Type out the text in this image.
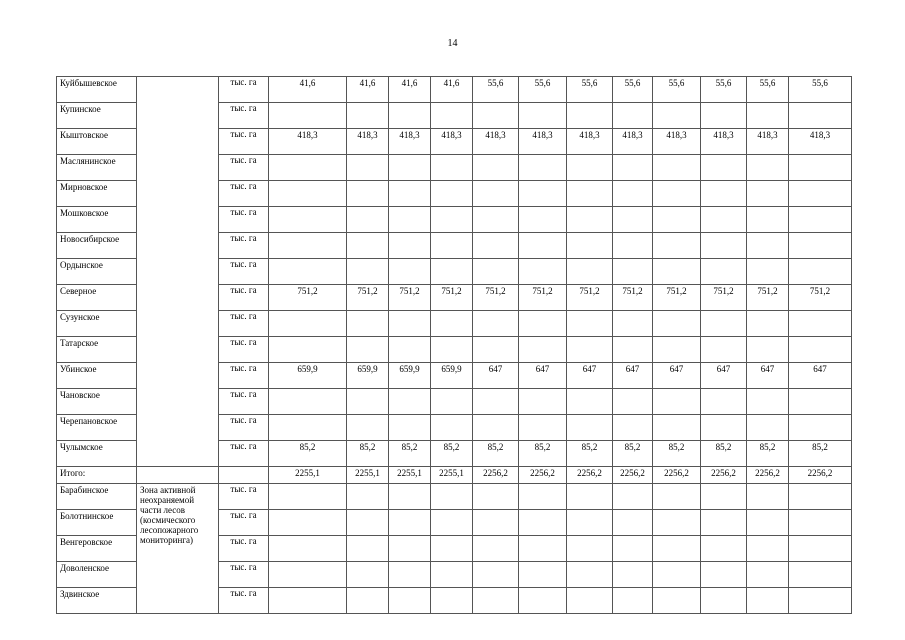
14
Куйбышевское		тыс. га	41,6	41,6	41,6	41,6	55,6	55,6	55,6	55,6	55,6	55,6	55,6	55,6
Купинское		тыс. га												
Кыштовское		тыс. га	418,3	418,3	418,3	418,3	418,3	418,3	418,3	418,3	418,3	418,3	418,3	418,3
Маслянинское		тыс. га												
Мирновское		тыс. га												
Мошковское		тыс. га												
Новосибирское		тыс. га												
Ордынское		тыс. га												
Северное		тыс. га	751,2	751,2	751,2	751,2	751,2	751,2	751,2	751,2	751,2	751,2	751,2	751,2
Сузунское		тыс. га												
Татарское		тыс. га												
Убинское		тыс. га	659,9	659,9	659,9	659,9	647	647	647	647	647	647	647	647
Чановское		тыс. га												
Черепановское		тыс. га												
Чулымское		тыс. га	85,2	85,2	85,2	85,2	85,2	85,2	85,2	85,2	85,2	85,2	85,2	85,2
Итого:			2255,1	2255,1	2255,1	2255,1	2256,2	2256,2	2256,2	2256,2	2256,2	2256,2	2256,2	2256,2
Барабинское	Зона активной неохраняемой части лесов (космического лесопожарного мониторинга)	тыс. га												
Болотнинское		тыс. га												
Венгеровское		тыс. га												
Доволенское		тыс. га												
Здвинское		тыс. га												
